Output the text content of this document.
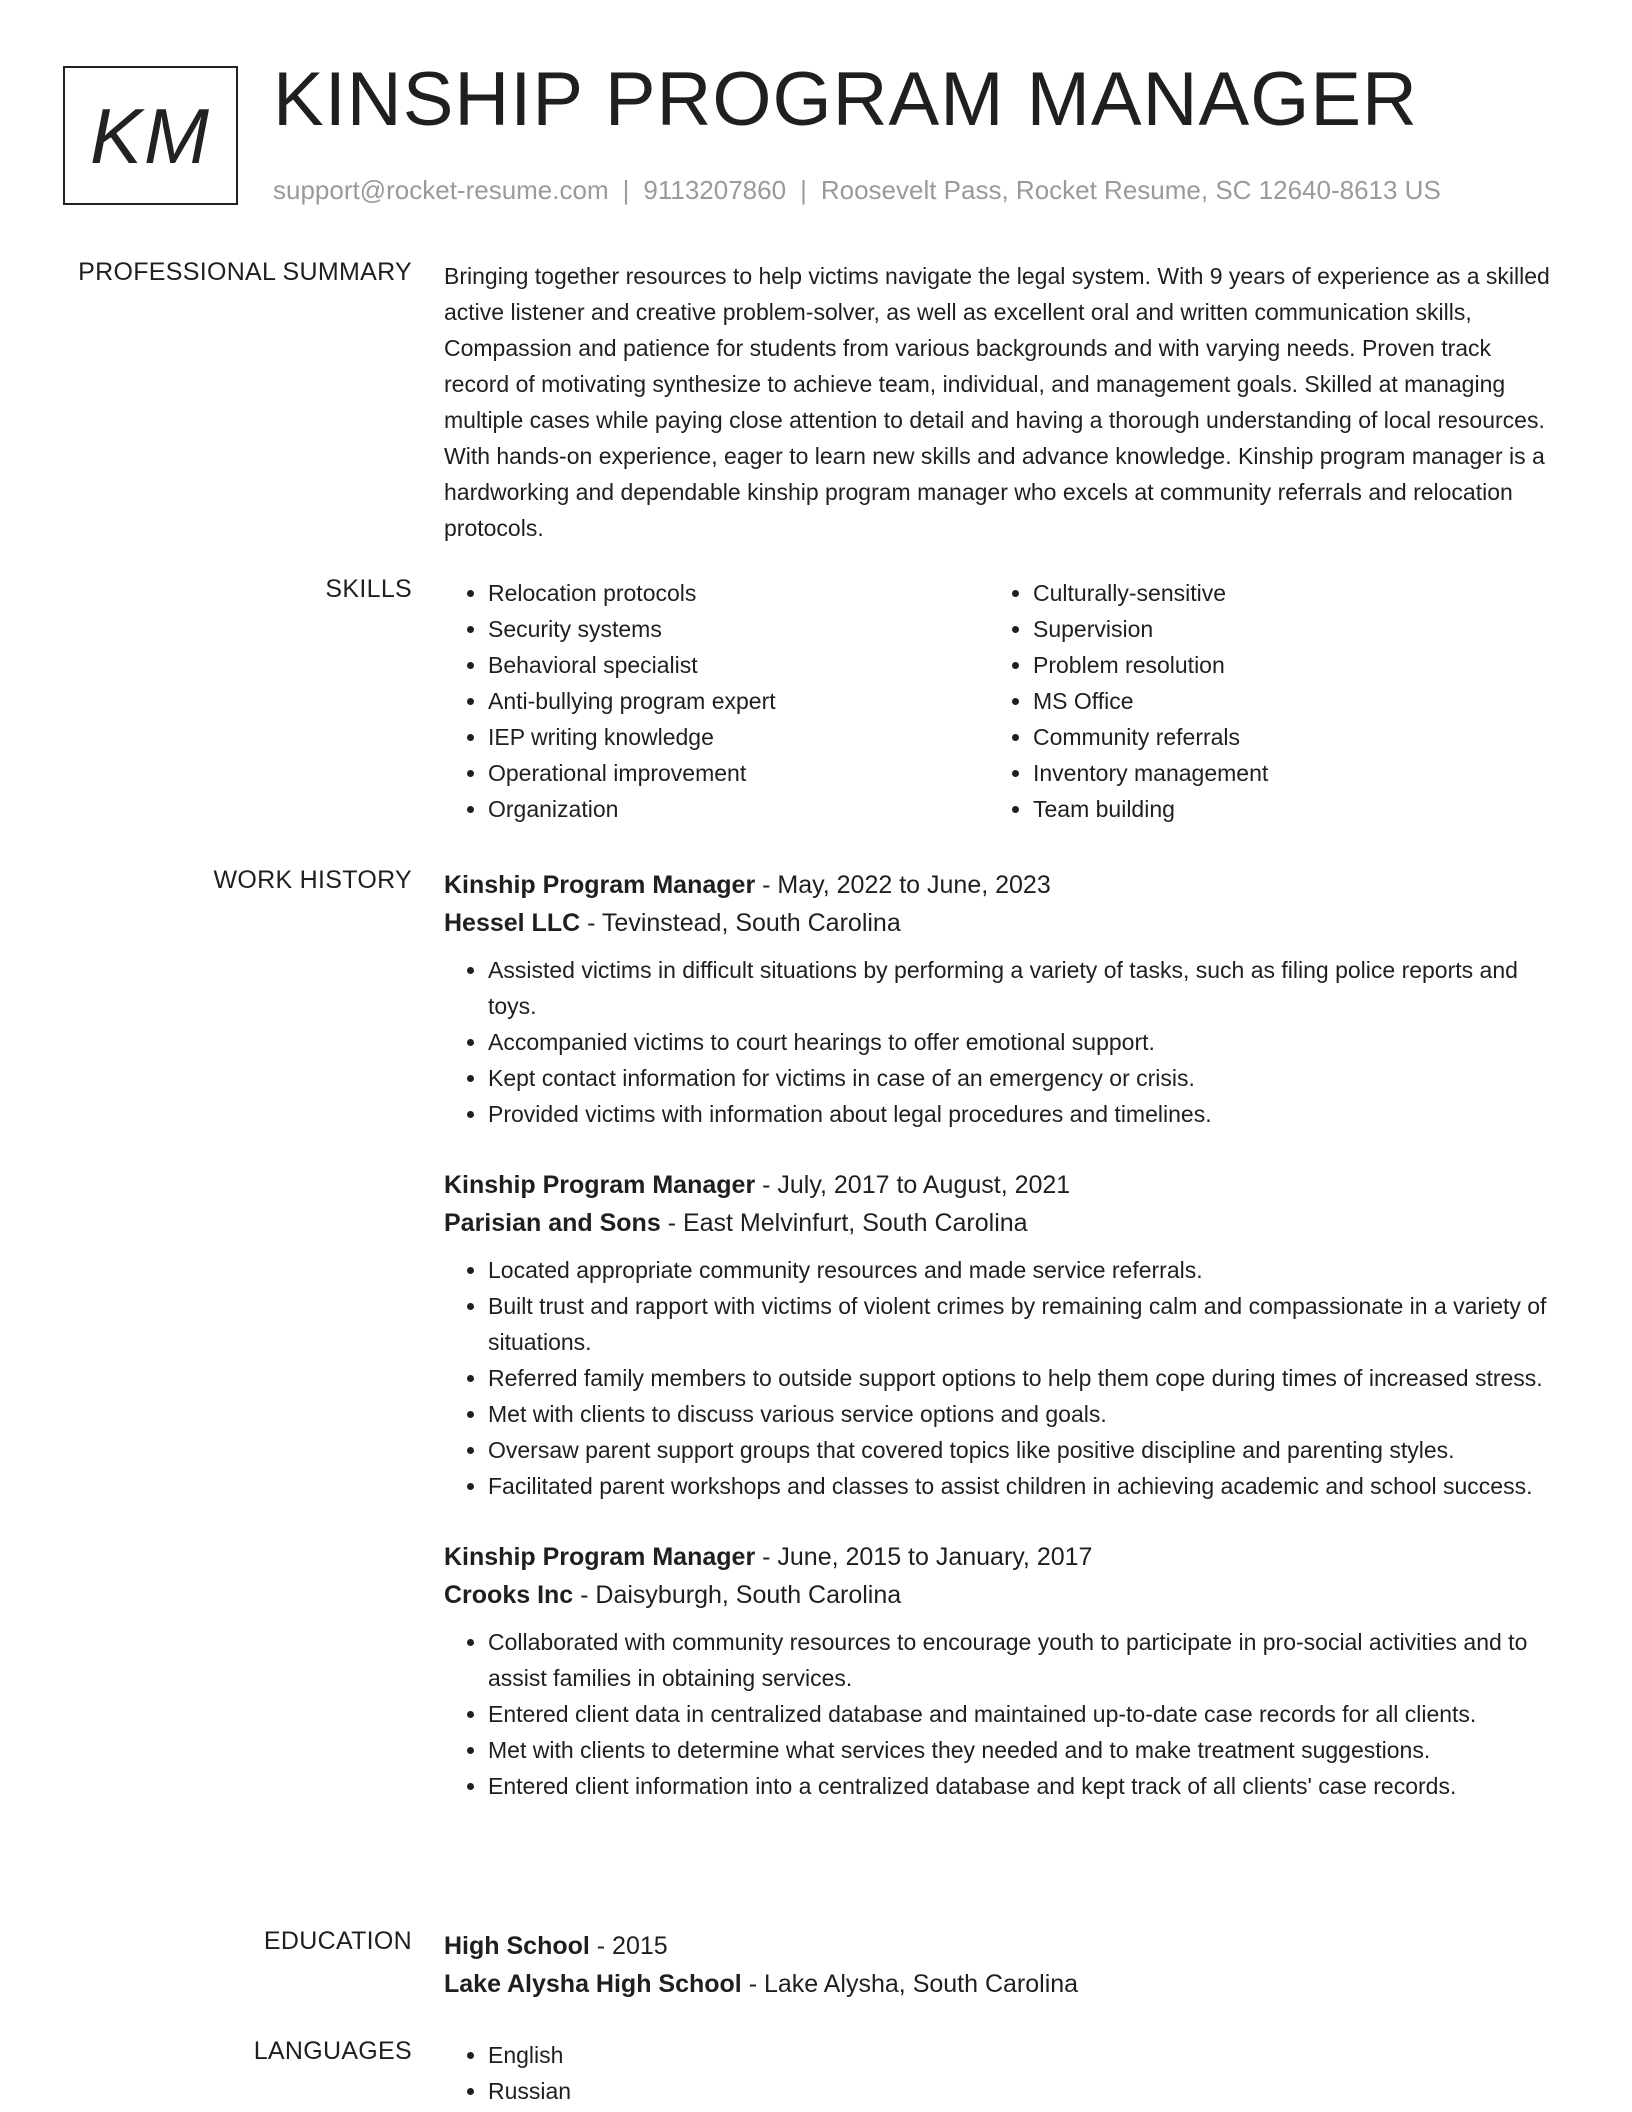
KM KINSHIP PROGRAM MANAGER
support@rocket-resume.com | 9113207860 | Roosevelt Pass, Rocket Resume, SC 12640-8613 US
PROFESSIONAL SUMMARY Bringing together resources to help victims navigate the legal system. With 9 years of experience as a skilled active listener and creative problem-solver, as well as excellent oral and written communication skills, Compassion and patience for students from various backgrounds and with varying needs. Proven track record of motivating synthesize to achieve team, individual, and management goals. Skilled at managing multiple cases while paying close attention to detail and having a thorough understanding of local resources. With hands-on experience, eager to learn new skills and advance knowledge. Kinship program manager is a hardworking and dependable kinship program manager who excels at community referrals and relocation protocols.

SKILLS	• Relocation protocols
• Security systems
• Behavioral specialist
• Anti-bullying program expert
• IEP writing knowledge
• Operational improvement
• Organization
• Culturally-sensitive
• Supervision
• Problem resolution
• MS Office
• Community referrals
• Inventory management
• Team building
WORK HISTORY Kinship Program Manager - May, 2022 to June, 2023
Hessel LLC - Tevinstead, South Carolina
• Assisted victims in difficult situations by performing a variety of tasks, such as filing police reports and toys.
• Accompanied victims to court hearings to offer emotional support.
• Kept contact information for victims in case of an emergency or crisis.
• Provided victims with information about legal procedures and timelines.
Kinship Program Manager - July, 2017 to August, 2021
Parisian and Sons - East Melvinfurt, South Carolina
• Located appropriate community resources and made service referrals.
• Built trust and rapport with victims of violent crimes by remaining calm and compassionate in a variety of situations.
• Referred family members to outside support options to help them cope during times of increased stress.
• Met with clients to discuss various service options and goals.
• Oversaw parent support groups that covered topics like positive discipline and parenting styles.
• Facilitated parent workshops and classes to assist children in achieving academic and school success.
Kinship Program Manager - June, 2015 to January, 2017
Crooks Inc - Daisyburgh, South Carolina
• Collaborated with community resources to encourage youth to participate in pro-social activities and to assist families in obtaining services.
• Entered client data in centralized database and maintained up-to-date case records for all clients.
• Met with clients to determine what services they needed and to make treatment suggestions.
• Entered client information into a centralized database and kept track of all clients' case records.
EDUCATION High School - 2015
Lake Alysha High School - Lake Alysha, South Carolina
LANGUAGES	• English
• Russian
